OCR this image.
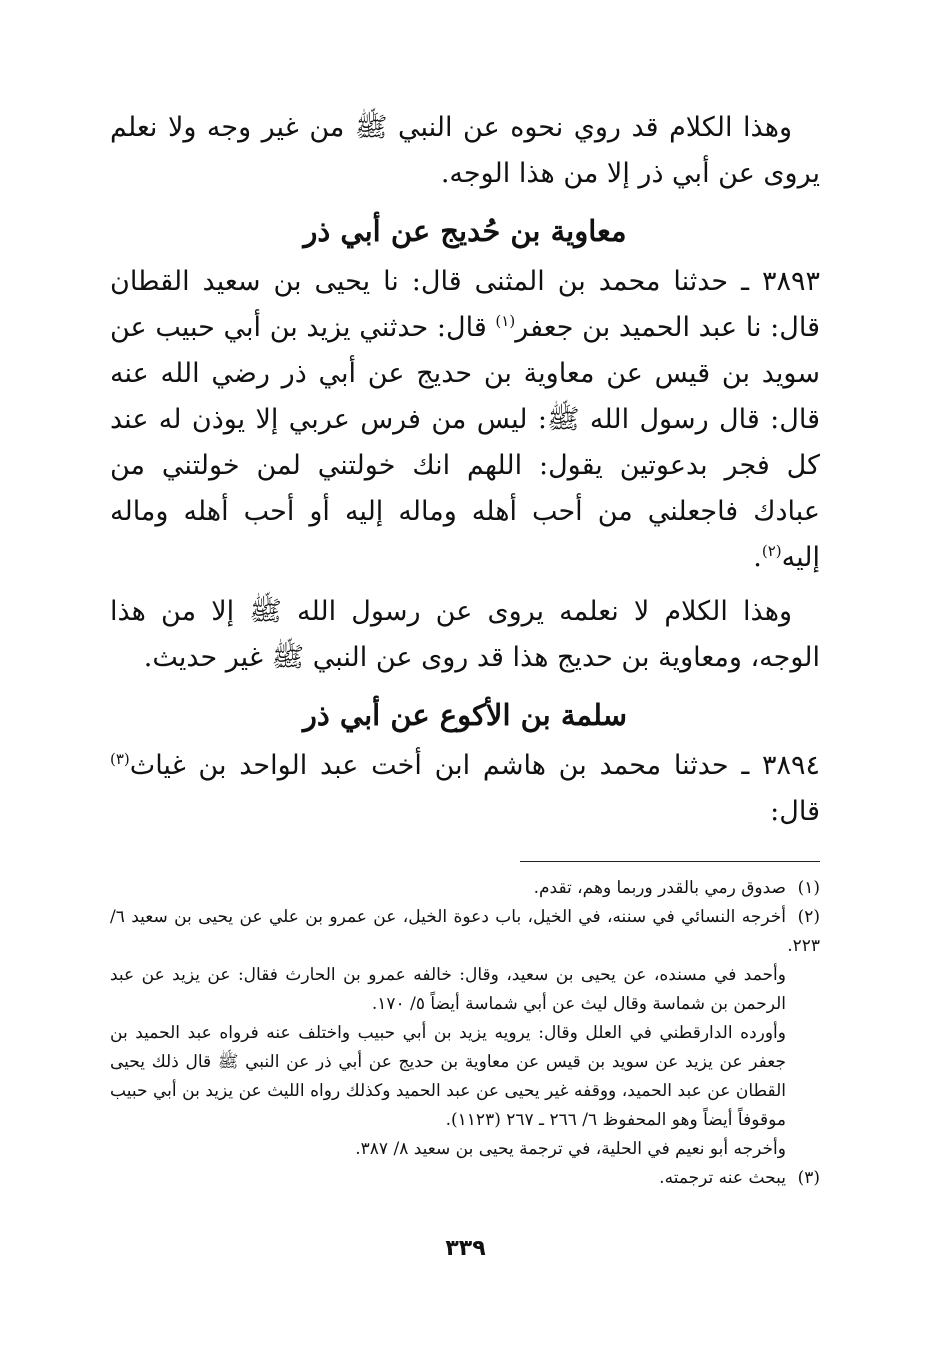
وهذا الكلام قد روي نحوه عن النبي ﷺ من غير وجه ولا نعلم يروى عن أبي ذر إلا من هذا الوجه.

معاوية بن حُديج عن أبي ذر

٣٨٩٣ ـ حدثنا محمد بن المثنى قال: نا يحيى بن سعيد القطان قال: نا عبد الحميد بن جعفر$^{(١)}$ قال: حدثني يزيد بن أبي حبيب عن سويد بن قيس عن معاوية بن حديج عن أبي ذر رضي الله عنه قال: قال رسول الله ﷺ: ليس من فرس عربي إلا يوذن له عند كل فجر بدعوتين يقول: اللهم انك خولتني لمن خولتني من عبادك فاجعلني من أحب أهله وماله إليه أو أحب أهله وماله إليه$^{(٢)}$.

وهذا الكلام لا نعلمه يروى عن رسول الله ﷺ إلا من هذا الوجه، ومعاوية بن حديج هذا قد روى عن النبي ﷺ غير حديث.

سلمة بن الأكوع عن أبي ذر

٣٨٩٤ ـ حدثنا محمد بن هاشم ابن أخت عبد الواحد بن غياث$^{(٣)}$ قال:

(١)صدوق رمي بالقدر وربما وهم، تقدم.

(٢)أخرجه النسائي في سننه، في الخيل، باب دعوة الخيل، عن عمرو بن علي عن يحيى بن سعيد ٦/ ٢٢٣.

وأحمد في مسنده، عن يحيى بن سعيد، وقال: خالفه عمرو بن الحارث فقال: عن يزيد عن عبد الرحمن بن شماسة وقال ليث عن أبي شماسة أيضاً ٥/ ١٧٠.

وأورده الدارقطني في العلل وقال: يرويه يزيد بن أبي حبيب واختلف عنه فرواه عبد الحميد بن جعفر عن يزيد عن سويد بن قيس عن معاوية بن حديج عن أبي ذر عن النبي ﷺ قال ذلك يحيى القطان عن عبد الحميد، ووقفه غير يحيى عن عبد الحميد وكذلك رواه الليث عن يزيد بن أبي حبيب موقوفاً أيضاً وهو المحفوظ ٦/ ٢٦٦ ـ ٢٦٧ (١١٢٣).

وأخرجه أبو نعيم في الحلية، في ترجمة يحيى بن سعيد ٨/ ٣٨٧.

(٣)يبحث عنه ترجمته.

٣٣٩
